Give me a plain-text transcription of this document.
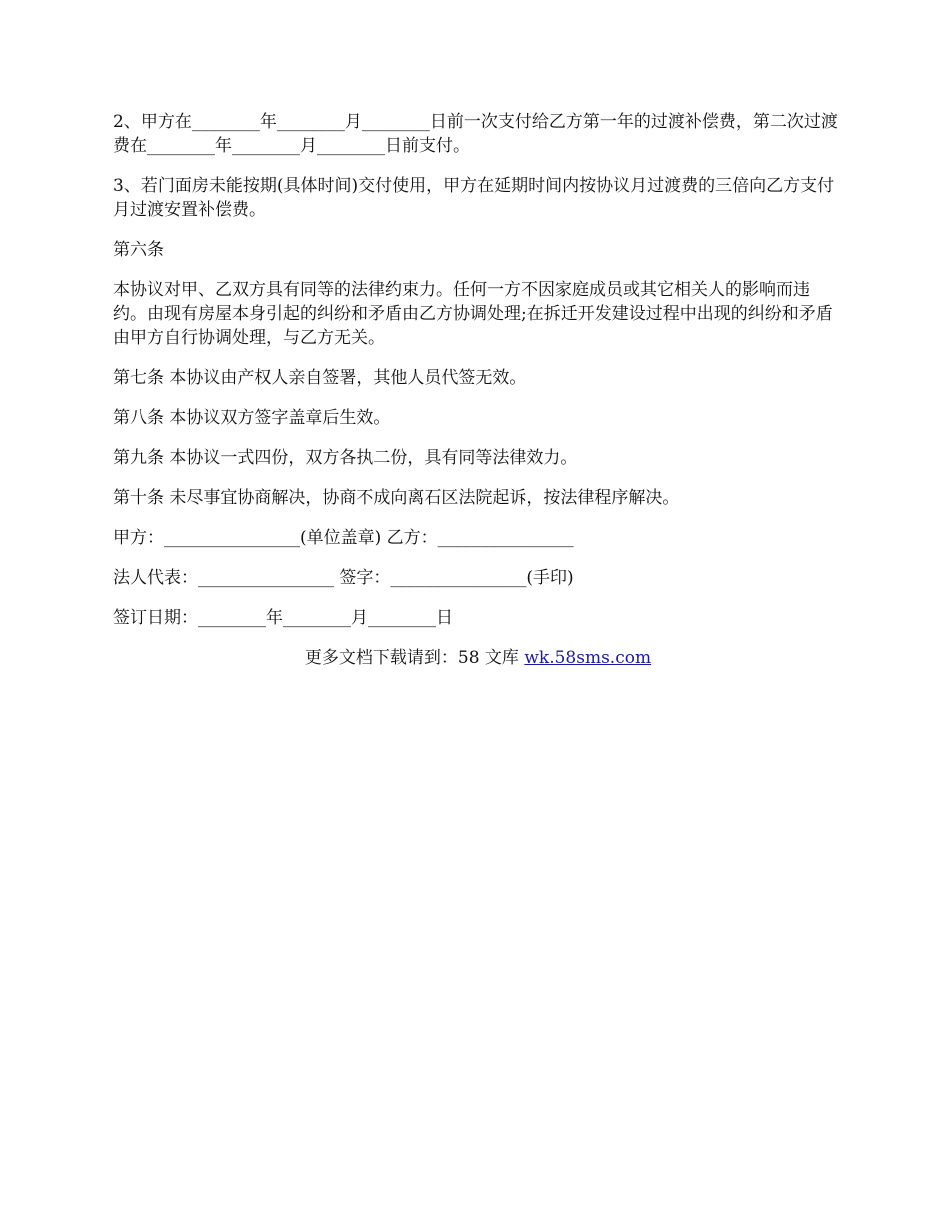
2、甲方在________年________月________日前一次支付给乙方第一年的过渡补偿费，第二次过渡费在________年________月________日前支付。

3、若门面房未能按期(具体时间)交付使用，甲方在延期时间内按协议月过渡费的三倍向乙方支付月过渡安置补偿费。

第六条

本协议对甲、乙双方具有同等的法律约束力。任何一方不因家庭成员或其它相关人的影响而违约。由现有房屋本身引起的纠纷和矛盾由乙方协调处理;在拆迁开发建设过程中出现的纠纷和矛盾由甲方自行协调处理，与乙方无关。

第七条 本协议由产权人亲自签署，其他人员代签无效。

第八条 本协议双方签字盖章后生效。

第九条 本协议一式四份，双方各执二份，具有同等法律效力。

第十条 未尽事宜协商解决，协商不成向离石区法院起诉，按法律程序解决。

甲方：________________(单位盖章) 乙方：________________

法人代表：________________ 签字：________________(手印)

签订日期：________年________月________日

更多文档下载请到：58 文库 wk.58sms.com
